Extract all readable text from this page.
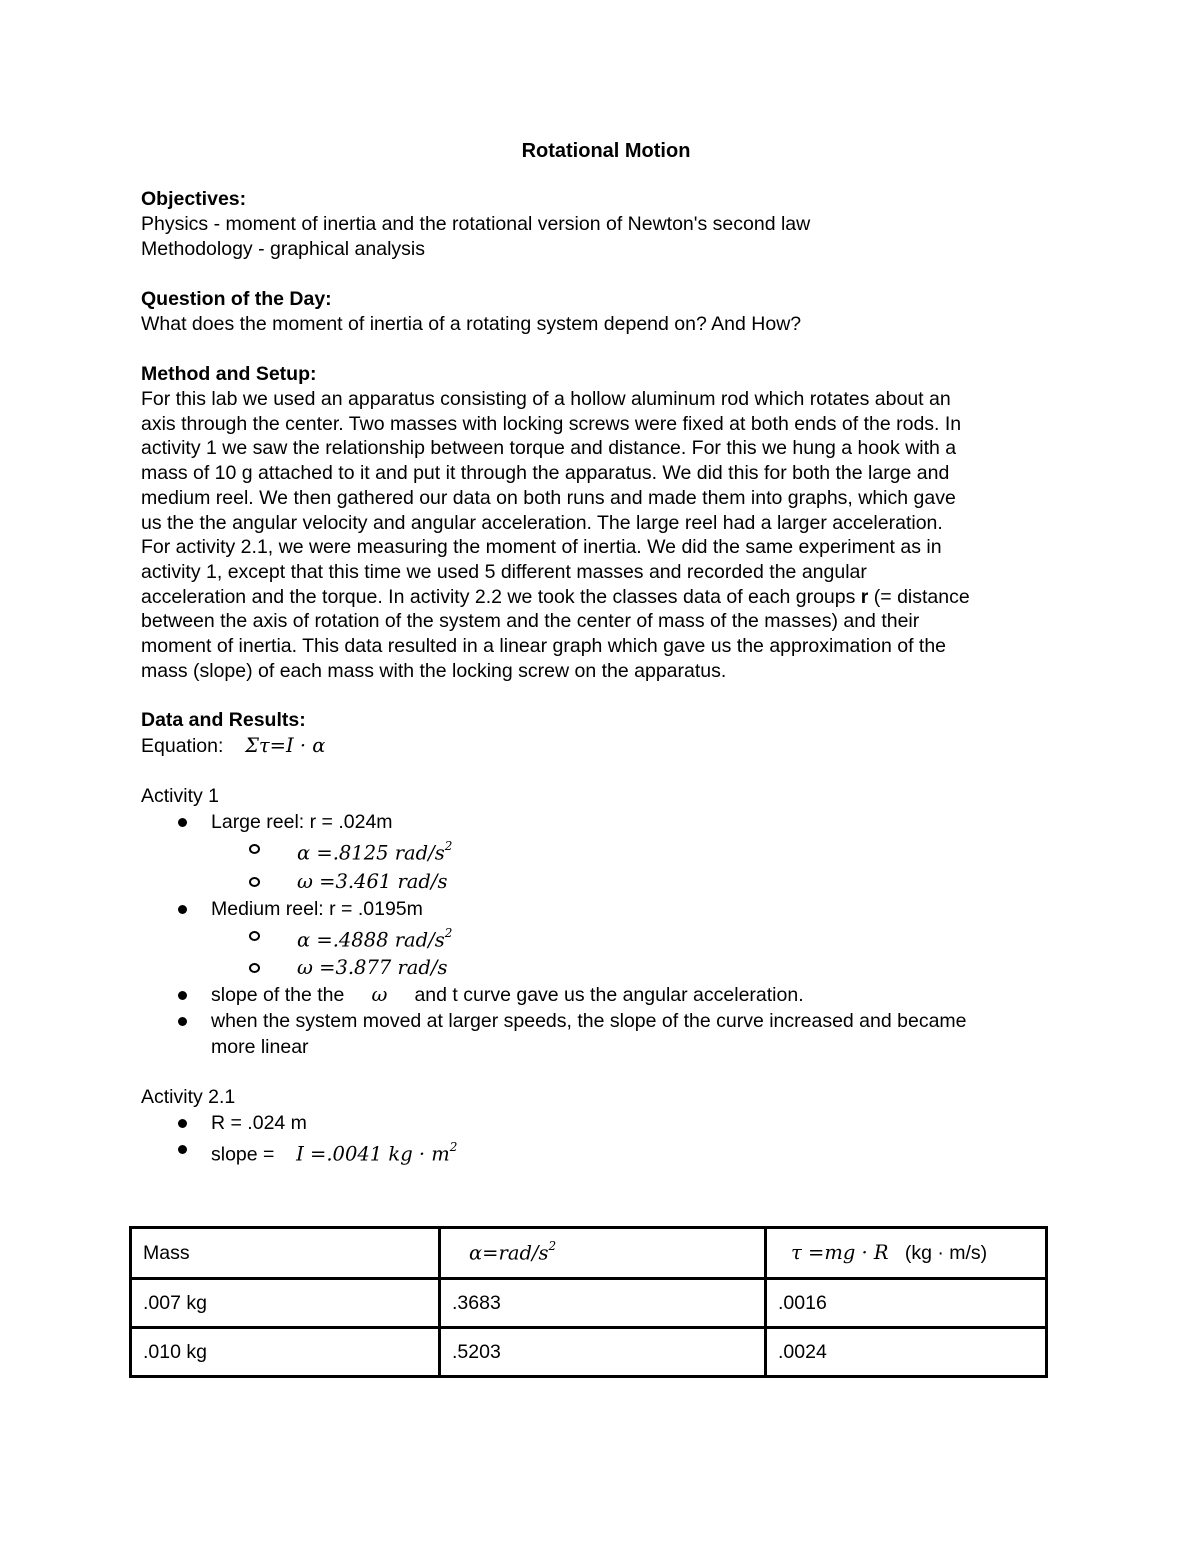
Rotational Motion

Objectives:

Physics - moment of inertia and the rotational version of Newton's second law

Methodology - graphical analysis

Question of the Day:

What does the moment of inertia of a rotating system depend on? And How?

Method and Setup:

For this lab we used an apparatus consisting of a hollow aluminum rod which rotates about an

axis through the center. Two masses with locking screws were fixed at both ends of the rods. In

activity 1 we saw the relationship between torque and distance. For this we hung a hook with a

mass of 10 g attached to it and put it through the apparatus. We did this for both the large and

medium reel. We then gathered our data on both runs and made them into graphs, which gave

us the the angular velocity and angular acceleration. The large reel had a larger acceleration.

For activity 2.1, we were measuring the moment of inertia. We did the same experiment as in

activity 1, except that this time we used 5 different masses and recorded the angular

acceleration and the torque. In activity 2.2 we took the classes data of each groups r (= distance

between the axis of rotation of the system and the center of mass of the masses) and their

moment of inertia. This data resulted in a linear graph which gave us the approximation of the

mass (slope) of each mass with the locking screw on the apparatus.

Data and Results:

Equation: Στ=I · α

Activity 1

Large reel: r = .024m
α =.8125 rad/$s^2$
ω =3.461 rad/s
Medium reel: r = .0195m
α =.4888 rad/$s^2$
ω =3.877 rad/s
slope of the the ω and t curve gave us the angular acceleration.
when the system moved at larger speeds, the slope of the curve increased and became
more linear

Activity 2.1

R = .024 m
slope = I =.0041 kg · $m^2$
Mass	$\alpha=rad/s^2$	τ =mg · R (kg · m/s)
.007 kg	.3683	.0016
.010 kg	.5203	.0024
